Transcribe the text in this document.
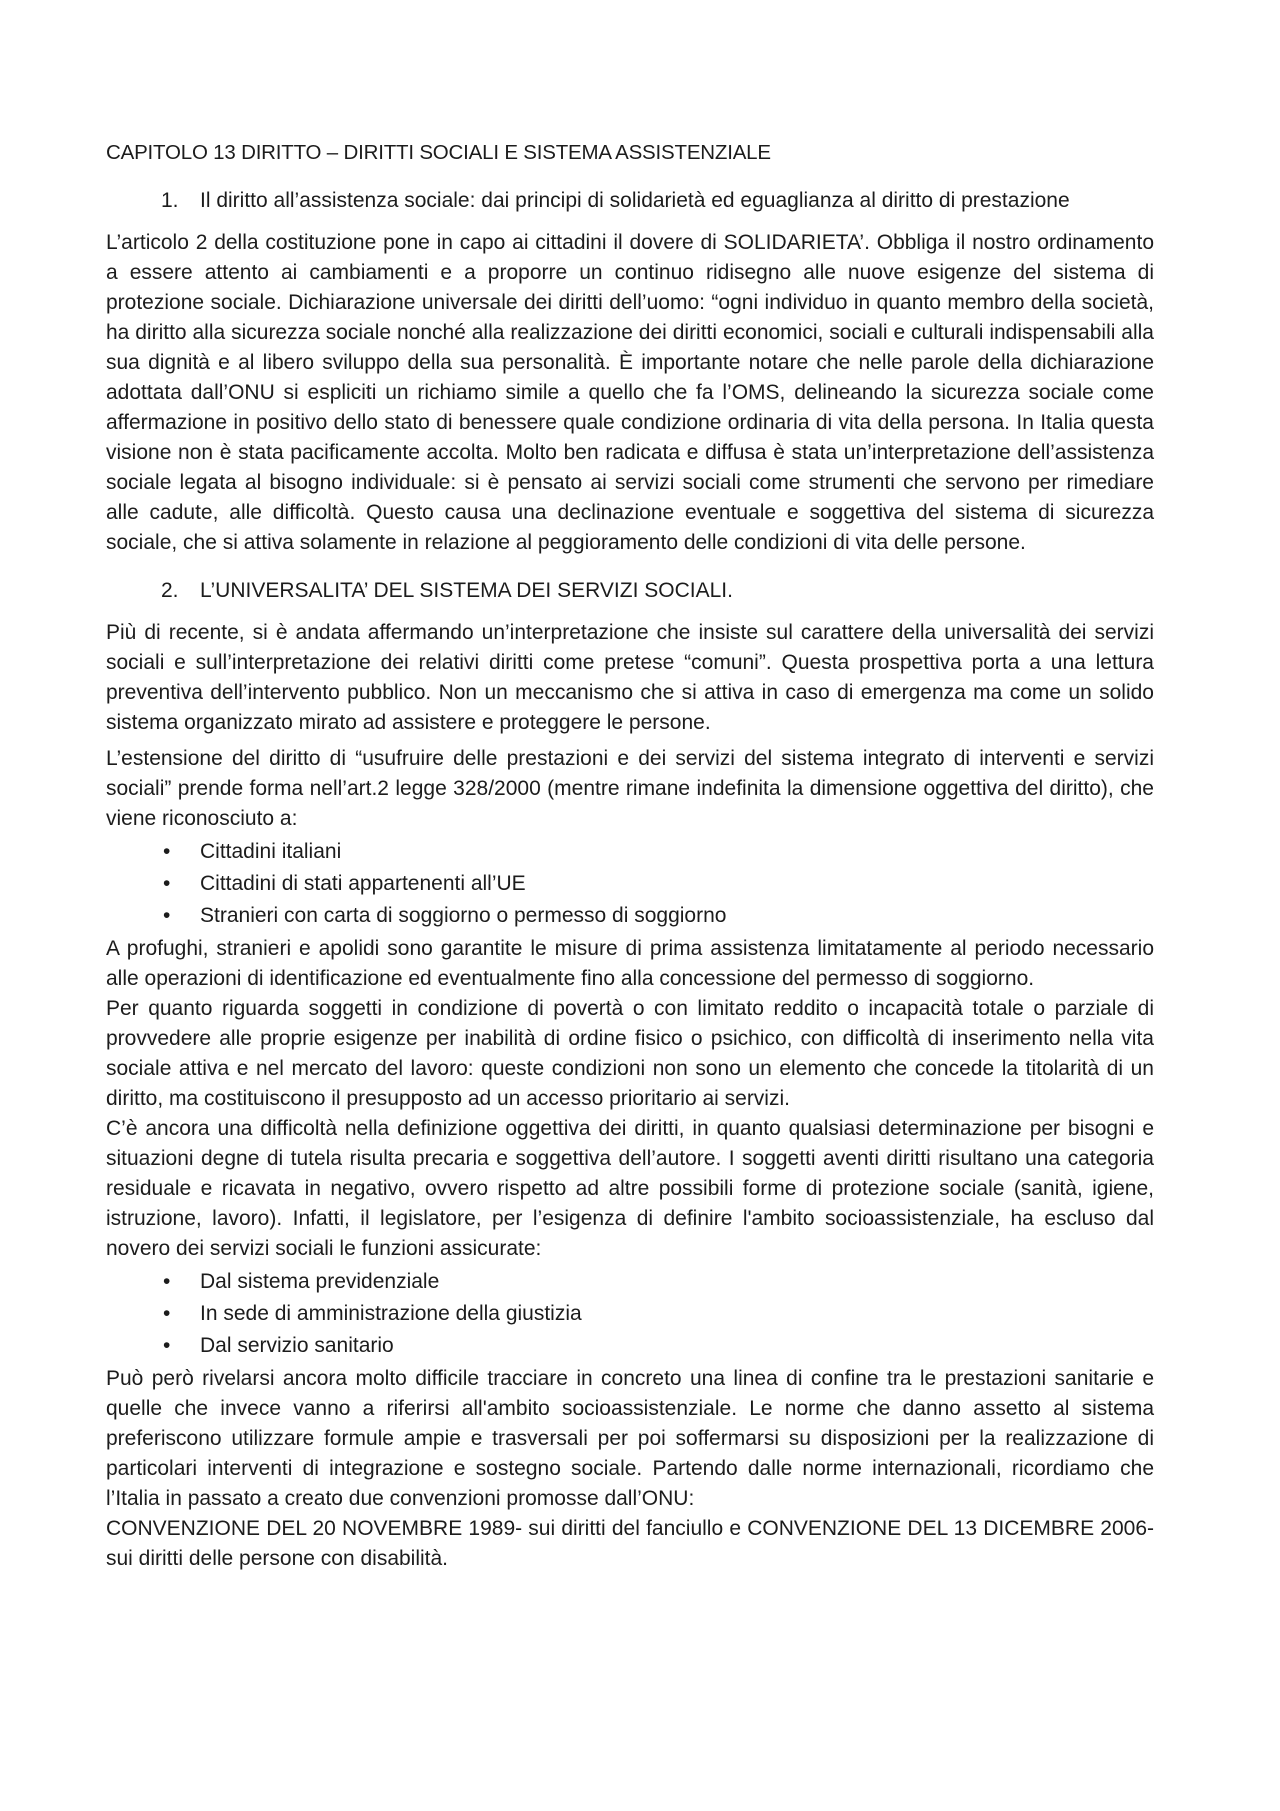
CAPITOLO 13 DIRITTO – DIRITTI SOCIALI E SISTEMA ASSISTENZIALE
1.	Il diritto all’assistenza sociale: dai principi di solidarietà ed eguaglianza al diritto di prestazione

L’articolo 2 della costituzione pone in capo ai cittadini il dovere di SOLIDARIETA’. Obbliga il nostro ordinamento a essere attento ai cambiamenti e a proporre un continuo ridisegno alle nuove esigenze del sistema di protezione sociale. Dichiarazione universale dei diritti dell’uomo: “ogni individuo in quanto membro della società, ha diritto alla sicurezza sociale nonché alla realizzazione dei diritti economici, sociali e culturali indispensabili alla sua dignità e al libero sviluppo della sua personalità. È importante notare che nelle parole della dichiarazione adottata dall’ONU si espliciti un richiamo simile a quello che fa l’OMS, delineando la sicurezza sociale come affermazione in positivo dello stato di benessere quale condizione ordinaria di vita della persona. In Italia questa visione non è stata pacificamente accolta. Molto ben radicata e diffusa è stata un’interpretazione dell’assistenza sociale legata al bisogno individuale: si è pensato ai servizi sociali come strumenti che servono per rimediare alle cadute, alle difficoltà. Questo causa una declinazione eventuale e soggettiva del sistema di sicurezza sociale, che si attiva solamente in relazione al peggioramento delle condizioni di vita delle persone.

2.	L’UNIVERSALITA’ DEL SISTEMA DEI SERVIZI SOCIALI.

Più di recente, si è andata affermando un’interpretazione che insiste sul carattere della universalità dei servizi sociali e sull’interpretazione dei relativi diritti come pretese “comuni”. Questa prospettiva porta a una lettura preventiva dell’intervento pubblico. Non un meccanismo che si attiva in caso di emergenza ma come un solido sistema organizzato mirato ad assistere e proteggere le persone.

L’estensione del diritto di “usufruire delle prestazioni e dei servizi del sistema integrato di interventi e servizi sociali” prende forma nell’art.2 legge 328/2000 (mentre rimane indefinita la dimensione oggettiva del diritto), che viene riconosciuto a:

• Cittadini italiani
• Cittadini di stati appartenenti all’UE
• Stranieri con carta di soggiorno o permesso di soggiorno

A profughi, stranieri e apolidi sono garantite le misure di prima assistenza limitatamente al periodo necessario alle operazioni di identificazione ed eventualmente fino alla concessione del permesso di soggiorno.

Per quanto riguarda soggetti in condizione di povertà o con limitato reddito o incapacità totale o parziale di provvedere alle proprie esigenze per inabilità di ordine fisico o psichico, con difficoltà di inserimento nella vita sociale attiva e nel mercato del lavoro: queste condizioni non sono un elemento che concede la titolarità di un diritto, ma costituiscono il presupposto ad un accesso prioritario ai servizi.

C’è ancora una difficoltà nella definizione oggettiva dei diritti, in quanto qualsiasi determinazione per bisogni e situazioni degne di tutela risulta precaria e soggettiva dell’autore. I soggetti aventi diritti risultano una categoria residuale e ricavata in negativo, ovvero rispetto ad altre possibili forme di protezione sociale (sanità, igiene, istruzione, lavoro). Infatti, il legislatore, per l’esigenza di definire l'ambito socioassistenziale, ha escluso dal novero dei servizi sociali le funzioni assicurate:

• Dal sistema previdenziale
• In sede di amministrazione della giustizia
• Dal servizio sanitario

Può però rivelarsi ancora molto difficile tracciare in concreto una linea di confine tra le prestazioni sanitarie e quelle che invece vanno a riferirsi all'ambito socioassistenziale. Le norme che danno assetto al sistema preferiscono utilizzare formule ampie e trasversali per poi soffermarsi su disposizioni per la realizzazione di particolari interventi di integrazione e sostegno sociale. Partendo dalle norme internazionali, ricordiamo che l’Italia in passato a creato due convenzioni promosse dall’ONU:

CONVENZIONE DEL 20 NOVEMBRE 1989- sui diritti del fanciullo e CONVENZIONE DEL 13 DICEMBRE 2006- sui diritti delle persone con disabilità.
